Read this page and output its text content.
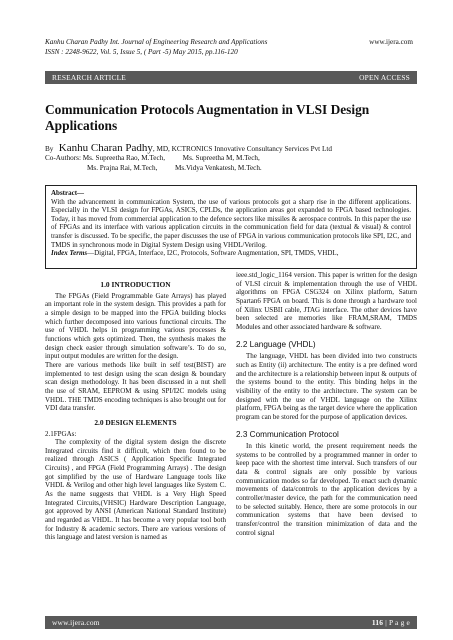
Kanhu Charan Padhy Int. Journal of Engineering Research and Applications
ISSN : 2248-9622, Vol. 5, Issue 5, ( Part -5) May 2015, pp.116-120
www.ijera.com
RESEARCH ARTICLE	OPEN ACCESS
Communication Protocols Augmentation in VLSI Design Applications
By Kanhu Charan Padhy, MD, KCTRONICS Innovative Consultancy Services Pvt Ltd
Co-Authors: Ms. Supreetha Rao, M.Tech, Ms. Supreetha M, M.Tech,
Ms. Prajna Rai, M.Tech, Ms.Vidya Venkatesh, M.Tech.
Abstract—
With the advancement in communication System, the use of various protocols got a sharp rise in the different applications. Especially in the VLSI design for FPGAs, ASICS, CPLDs, the application areas got expanded to FPGA based technologies. Today, it has moved from commercial application to the defence sectors like missiles & aerospace controls. In this paper the use of FPGAs and its interface with various application circuits in the communication field for data (textual & visual) & control transfer is discussed. To be specific, the paper discusses the use of FPGA in various communication protocols like SPI, I2C, and TMDS in synchronous mode in Digital System Design using VHDL/Verilog.
Index Terms—Digital, FPGA, Interface, I2C, Protocols, Software Augmentation, SPI, TMDS, VHDL,
1.0 INTRODUCTION

The FPGAs (Field Programmable Gate Arrays) has played an important role in the system design. This provides a path for a simple design to be mapped into the FPGA building blocks which further decomposed into various functional circuits. The use of VHDL helps in programming various processes & functions which gets optimized. Then, the synthesis makes the design check easier through simulation software’s. To do so, input output modules are written for the design.

There are various methods like built in self test(BIST) are implemented to test design using the scan design & boundary scan design methodology. It has been discussed in a nut shell the use of SRAM, EEPROM & using SPI/I2C models using VHDL. THE TMDS encoding techniques is also brought out for VDI data transfer.

2.0 DESIGN ELEMENTS
2.1FPGAs:

The complexity of the digital system design the discrete Integrated circuits find it difficult, which then found to be realized through ASICS ( Application Specific Integrated Circuits) , and FPGA (Field Programming Arrays) . The design got simplified by the use of Hardware Language tools like VHDL & Verilog and other high level languages like System C. As the name suggests that VHDL is a Very High Speed Integrated Circuits,(VHSIC) Hardware Description Language, got approved by ANSI (American National Standard Institute) and regarded as VHDL. It has become a very popular tool both for Industry & academic sectors. There are various versions of this language and latest version is named as

ieee.std_logic_1164 version. This paper is written for the design of VLSI circuit & implementation through the use of VHDL algorithms on FPGA CSG324 on Xilinx platform, Saturn Spartan6 FPGA on board. This is done through a hardware tool of Xilinx USBII cable, JTAG interface. The other devices have been selected are memories like FRAM,SRAM, TMDS Modules and other associated hardware & software.

2.2 Language (VHDL)

The language, VHDL has been divided into two constructs such as Entity (ii) architecture. The entity is a pre defined word and the architecture is a relationship between input & outputs of the systems bound to the entity. This binding helps in the visibility of the entity to the architecture. The system can be designed with the use of VHDL language on the Xilinx platform, FPGA being as the target device where the application program can be stored for the purpose of application devices.

2.3 Communication Protocol

In this kinetic world, the present requirement needs the systems to be controlled by a programmed manner in order to keep pace with the shortest time interval. Such transfers of our data & control signals are only possible by various communication modes so far developed. To enact such dynamic movements of data/controls to the application devices by a controller/master device, the path for the communication need to be selected suitably. Hence, there are some protocols in our communication systems that have been devised to transfer/control the transition minimization of data and the control signal

www.ijera.com	116 | P a g e
